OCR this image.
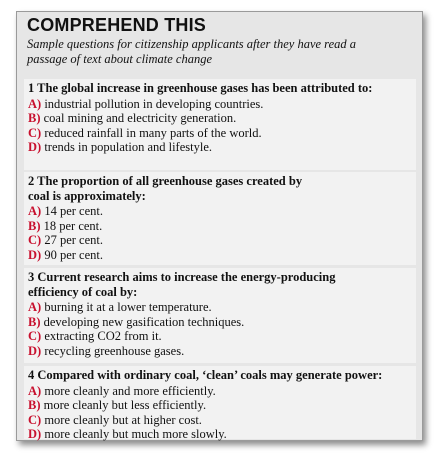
COMPREHEND THIS
Sample questions for citizenship applicants after they have read a
passage of text about climate change
1 The global increase in greenhouse gases has been attributed to:
A) industrial pollution in developing countries.
B) coal mining and electricity generation.
C) reduced rainfall in many parts of the world.
D) trends in population and lifestyle.
2 The proportion of all greenhouse gases created by
coal is approximately:
A) 14 per cent.
B) 18 per cent.
C) 27 per cent.
D) 90 per cent.
3 Current research aims to increase the energy-producing
efficiency of coal by:
A) burning it at a lower temperature.
B) developing new gasification techniques.
C) extracting CO2 from it.
D) recycling greenhouse gases.
4 Compared with ordinary coal, ‘clean’ coals may generate power:
A) more cleanly and more efficiently.
B) more cleanly but less efficiently.
C) more cleanly but at higher cost.
D) more cleanly but much more slowly.
